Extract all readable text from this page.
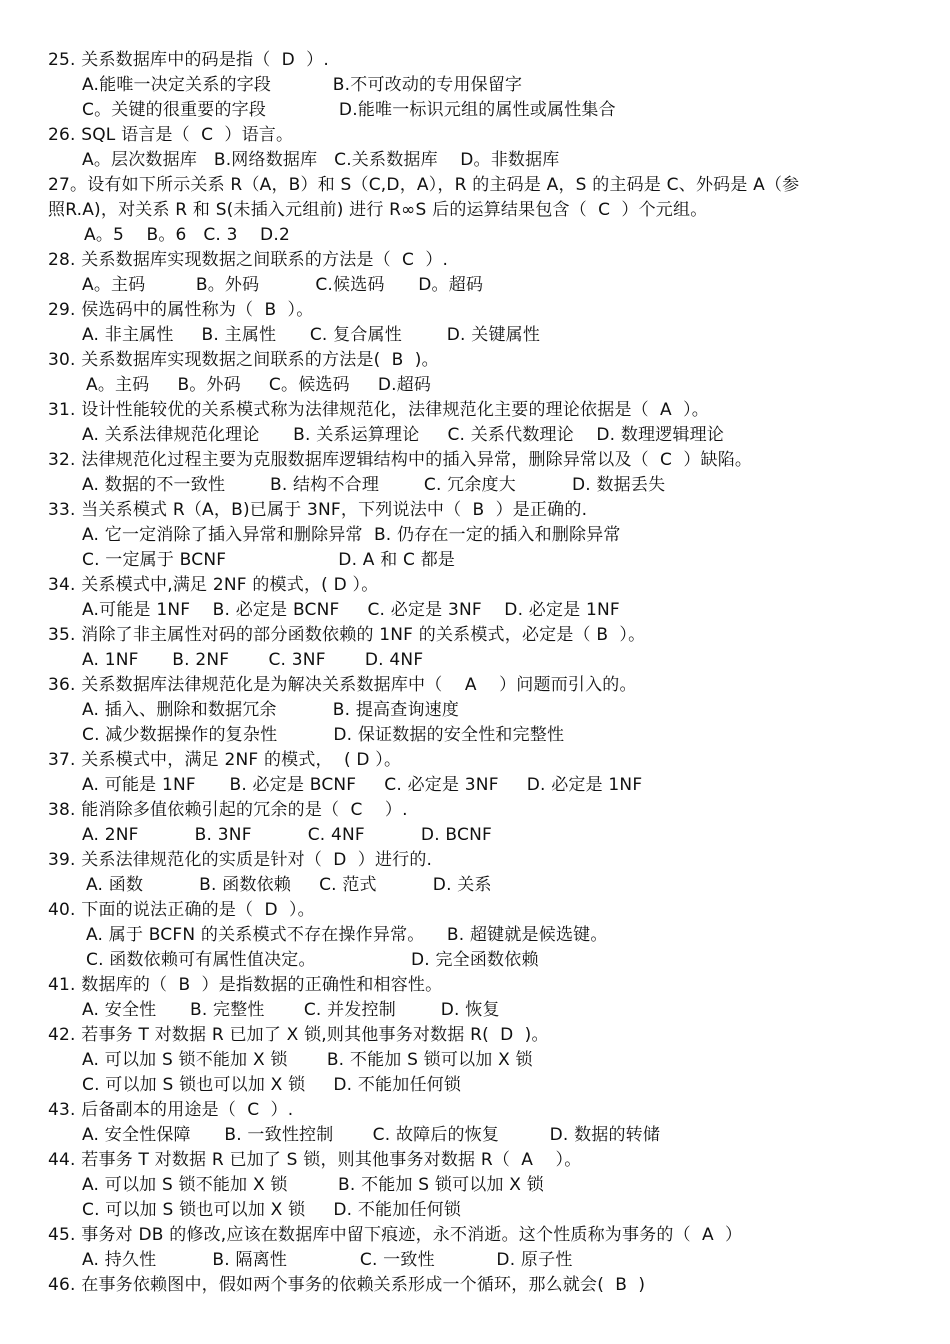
25. 关系数据库中的码是指（  D  ）.
A.能唯一决定关系的字段           B.不可改动的专用保留字
C。关键的很重要的字段             D.能唯一标识元组的属性或属性集合
26. SQL 语言是（  C  ）语言。
A。层次数据库   B.网络数据库   C.关系数据库    D。非数据库
27。设有如下所示关系 R（A，B）和 S（C,D，A），R 的主码是 A，S 的主码是 C、外码是 A（参
照R.A)，对关系 R 和 S(未插入元组前) 进行 R∞S 后的运算结果包含（  C  ）个元组。
A。5    B。6   C. 3    D.2
28. 关系数据库实现数据之间联系的方法是（  C  ）.
A。主码         B。外码          C.候选码      D。超码
29. 侯选码中的属性称为（  B  ）。
A. 非主属性     B. 主属性      C. 复合属性        D. 关键属性
30. 关系数据库实现数据之间联系的方法是(  B  )。
A。主码     B。外码     C。候选码     D.超码
31. 设计性能较优的关系模式称为法律规范化，法律规范化主要的理论依据是（  A  ）。
A. 关系法律规范化理论      B. 关系运算理论     C. 关系代数理论    D. 数理逻辑理论
32. 法律规范化过程主要为克服数据库逻辑结构中的插入异常，删除异常以及（  C  ）缺陷。
A. 数据的不一致性        B. 结构不合理        C. 冗余度大          D. 数据丢失
33. 当关系模式 R（A，B)已属于 3NF，下列说法中（  B  ）是正确的.
A. 它一定消除了插入异常和删除异常  B. 仍存在一定的插入和删除异常
C. 一定属于 BCNF                    D. A 和 C 都是
34. 关系模式中,满足 2NF 的模式，( D ）。
A.可能是 1NF    B. 必定是 BCNF     C. 必定是 3NF    D. 必定是 1NF
35. 消除了非主属性对码的部分函数依赖的 1NF 的关系模式，必定是（ B  ）。
A. 1NF      B. 2NF       C. 3NF       D. 4NF
36. 关系数据库法律规范化是为解决关系数据库中（    A    ）问题而引入的。
A. 插入、删除和数据冗余          B. 提高查询速度
C. 减少数据操作的复杂性          D. 保证数据的安全性和完整性
37. 关系模式中，满足 2NF 的模式，  ( D ）。
A. 可能是 1NF      B. 必定是 BCNF     C. 必定是 3NF     D. 必定是 1NF
38. 能消除多值依赖引起的冗余的是（  C    ）.
A. 2NF          B. 3NF          C. 4NF          D. BCNF
39. 关系法律规范化的实质是针对（  D  ）进行的.
A. 函数          B. 函数依赖     C. 范式          D. 关系
40. 下面的说法正确的是（  D  ）。
A. 属于 BCFN 的关系模式不存在操作异常。    B. 超键就是候选键。
C. 函数依赖可有属性值决定。                 D. 完全函数依赖
41. 数据库的（  B  ）是指数据的正确性和相容性。
A. 安全性      B. 完整性       C. 并发控制        D. 恢复
42. 若事务 T 对数据 R 已加了 X 锁,则其他事务对数据 R(  D  )。
A. 可以加 S 锁不能加 X 锁       B. 不能加 S 锁可以加 X 锁
C. 可以加 S 锁也可以加 X 锁     D. 不能加任何锁
43. 后备副本的用途是（  C  ）.
A. 安全性保障      B. 一致性控制       C. 故障后的恢复         D. 数据的转储
44. 若事务 T 对数据 R 已加了 S 锁，则其他事务对数据 R（  A    ）。
A. 可以加 S 锁不能加 X 锁         B. 不能加 S 锁可以加 X 锁
C. 可以加 S 锁也可以加 X 锁     D. 不能加任何锁
45. 事务对 DB 的修改,应该在数据库中留下痕迹，永不消逝。这个性质称为事务的（  A  ）
A. 持久性          B. 隔离性             C. 一致性           D. 原子性
46. 在事务依赖图中，假如两个事务的依赖关系形成一个循环，那么就会(  B  )
